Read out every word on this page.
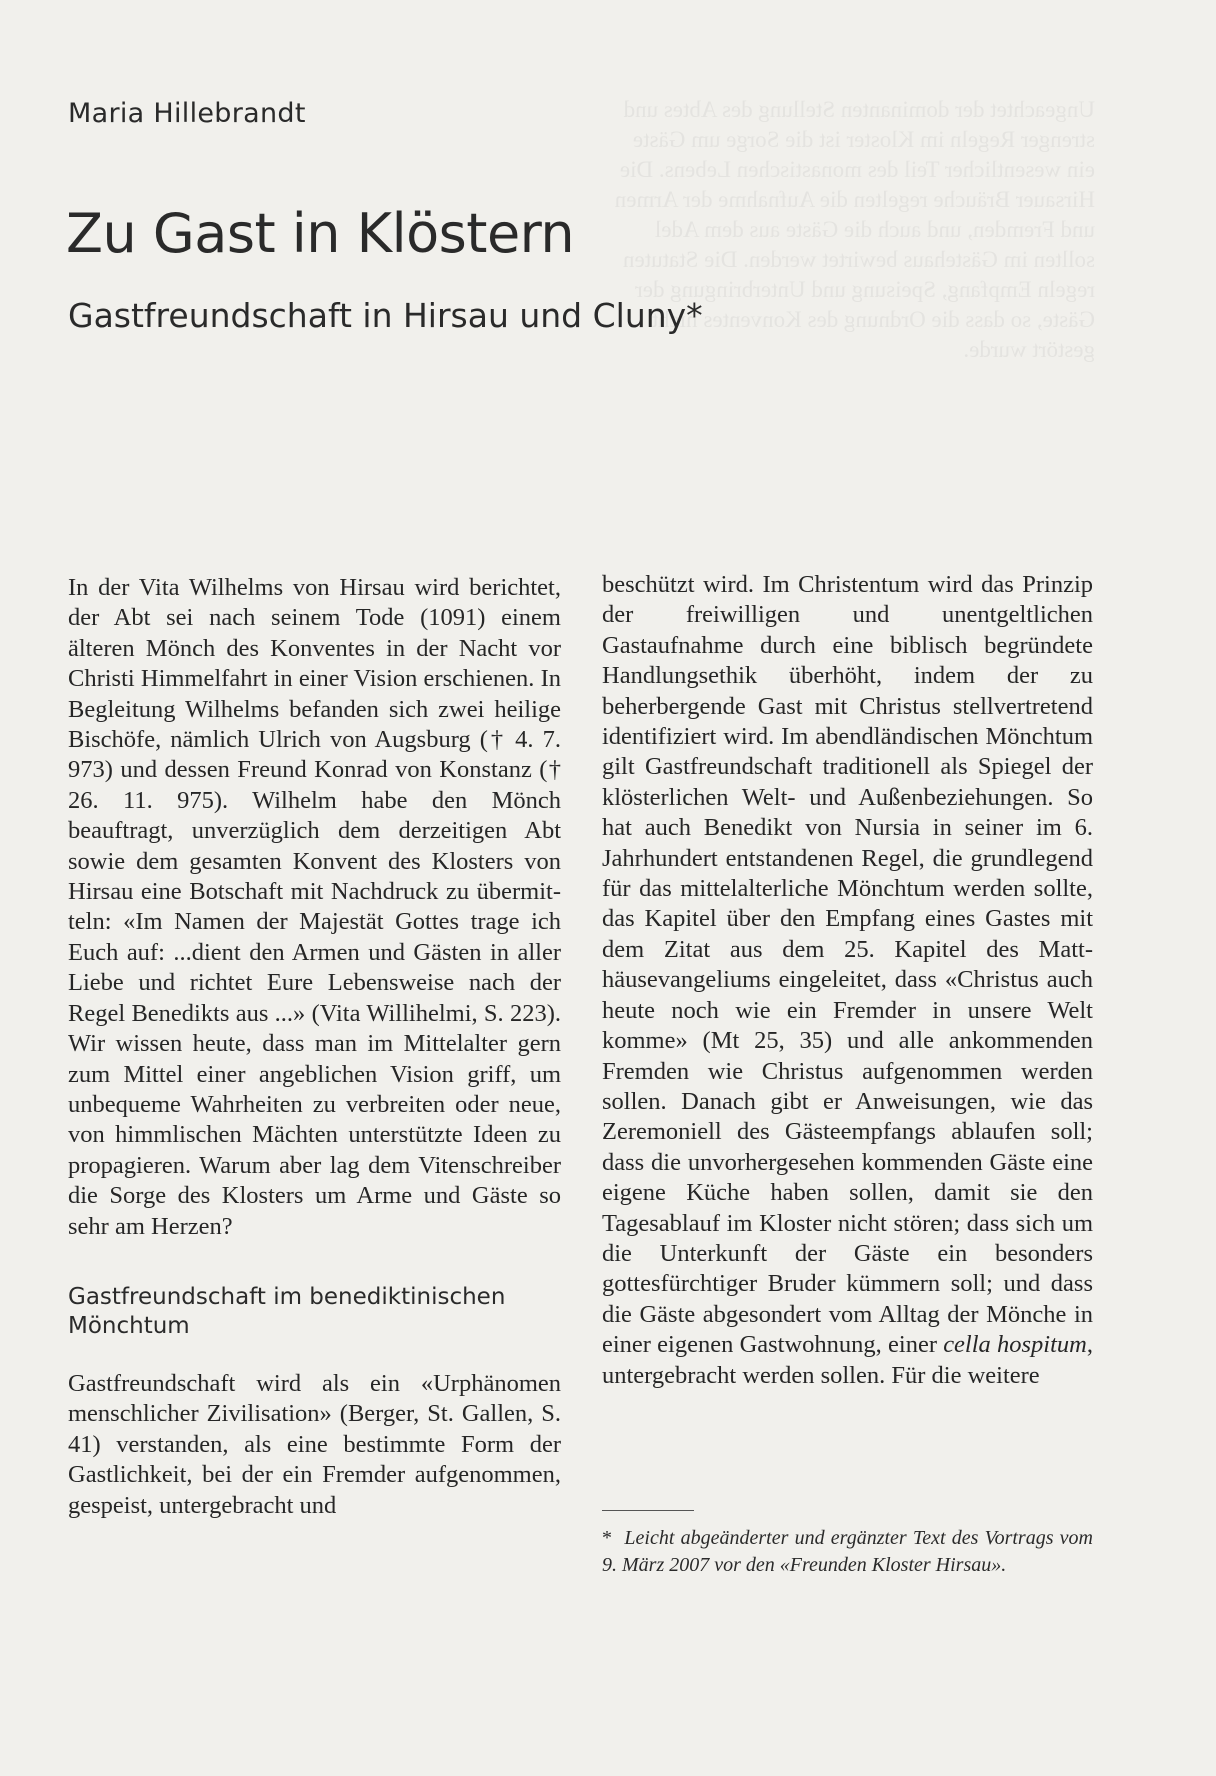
Ungeachtet der dominanten Stellung des Abtes und strenger Regeln im Kloster ist die Sorge um Gäste ein wesentlicher Teil des monastischen Lebens. Die Hirsauer Bräuche regelten die Aufnahme der Armen und Fremden, und auch die Gäste aus dem Adel sollten im Gästehaus bewirtet werden. Die Statuten regeln Empfang, Speisung und Unterbringung der Gäste, so dass die Ordnung des Konventes nicht gestört wurde.
Maria Hillebrandt
Zu Gast in Klöstern
Gastfreundschaft in Hirsau und Cluny*

In der Vita Wilhelms von Hirsau wird berichtet, der Abt sei nach seinem Tode (1091) einem älteren Mönch des Konventes in der Nacht vor Christi Himmelfahrt in einer Vision erschienen. In Begleitung Wilhelms befanden sich zwei heilige Bischöfe, nämlich Ulrich von Augsburg († 4. 7. 973) und dessen Freund Konrad von Konstanz († 26. 11. 975). Wilhelm habe den Mönch beauftragt, unverzüglich dem derzeitigen Abt sowie dem gesamten Konvent des Klosters von Hirsau eine Botschaft mit Nachdruck zu übermitteln: «Im Namen der Majestät Gottes trage ich Euch auf: ...dient den Armen und Gästen in aller Liebe und richtet Eure Lebensweise nach der Regel Benedikts aus ...» (Vita Willihelmi, S. 223). Wir wissen heute, dass man im Mittelalter gern zum Mittel einer angeblichen Vision griff, um unbequeme Wahrheiten zu verbreiten oder neue, von himmlischen Mächten unterstützte Ideen zu propagieren. Warum aber lag dem Vitenschreiber die Sorge des Klosters um Arme und Gäste so sehr am Herzen?

Gastfreundschaft im benediktinischen Mönchtum

Gastfreundschaft wird als ein «Urphänomen menschlicher Zivilisation» (Berger, St. Gallen, S. 41) verstanden, als eine bestimmte Form der Gastlichkeit, bei der ein Fremder aufgenommen, gespeist, untergebracht und

beschützt wird. Im Christentum wird das Prinzip der freiwilligen und unentgeltlichen Gastaufnahme durch eine biblisch begründete Handlungsethik überhöht, indem der zu beherbergende Gast mit Christus stellvertretend identifiziert wird. Im abendländischen Mönchtum gilt Gastfreundschaft traditionell als Spiegel der klösterlichen Welt- und Außenbeziehungen. So hat auch Benedikt von Nursia in seiner im 6. Jahrhundert entstandenen Regel, die grundlegend für das mittelalterliche Mönchtum werden sollte, das Kapitel über den Empfang eines Gastes mit dem Zitat aus dem 25. Kapitel des Matthäusevangeliums eingeleitet, dass «Christus auch heute noch wie ein Fremder in unsere Welt komme» (Mt 25, 35) und alle ankommenden Fremden wie Christus aufgenommen werden sollen. Danach gibt er Anweisungen, wie das Zeremoniell des Gästeempfangs ablaufen soll; dass die unvorhergesehen kommenden Gäste eine eigene Küche haben sollen, damit sie den Tagesablauf im Kloster nicht stören; dass sich um die Unterkunft der Gäste ein besonders gottesfürchtiger Bruder kümmern soll; und dass die Gäste abgesondert vom Alltag der Mönche in einer eigenen Gastwohnung, einer cella hospitum, untergebracht werden sollen. Für die weitere

* Leicht abgeänderter und ergänzter Text des Vortrags vom 9. März 2007 vor den «Freunden Kloster Hirsau».
